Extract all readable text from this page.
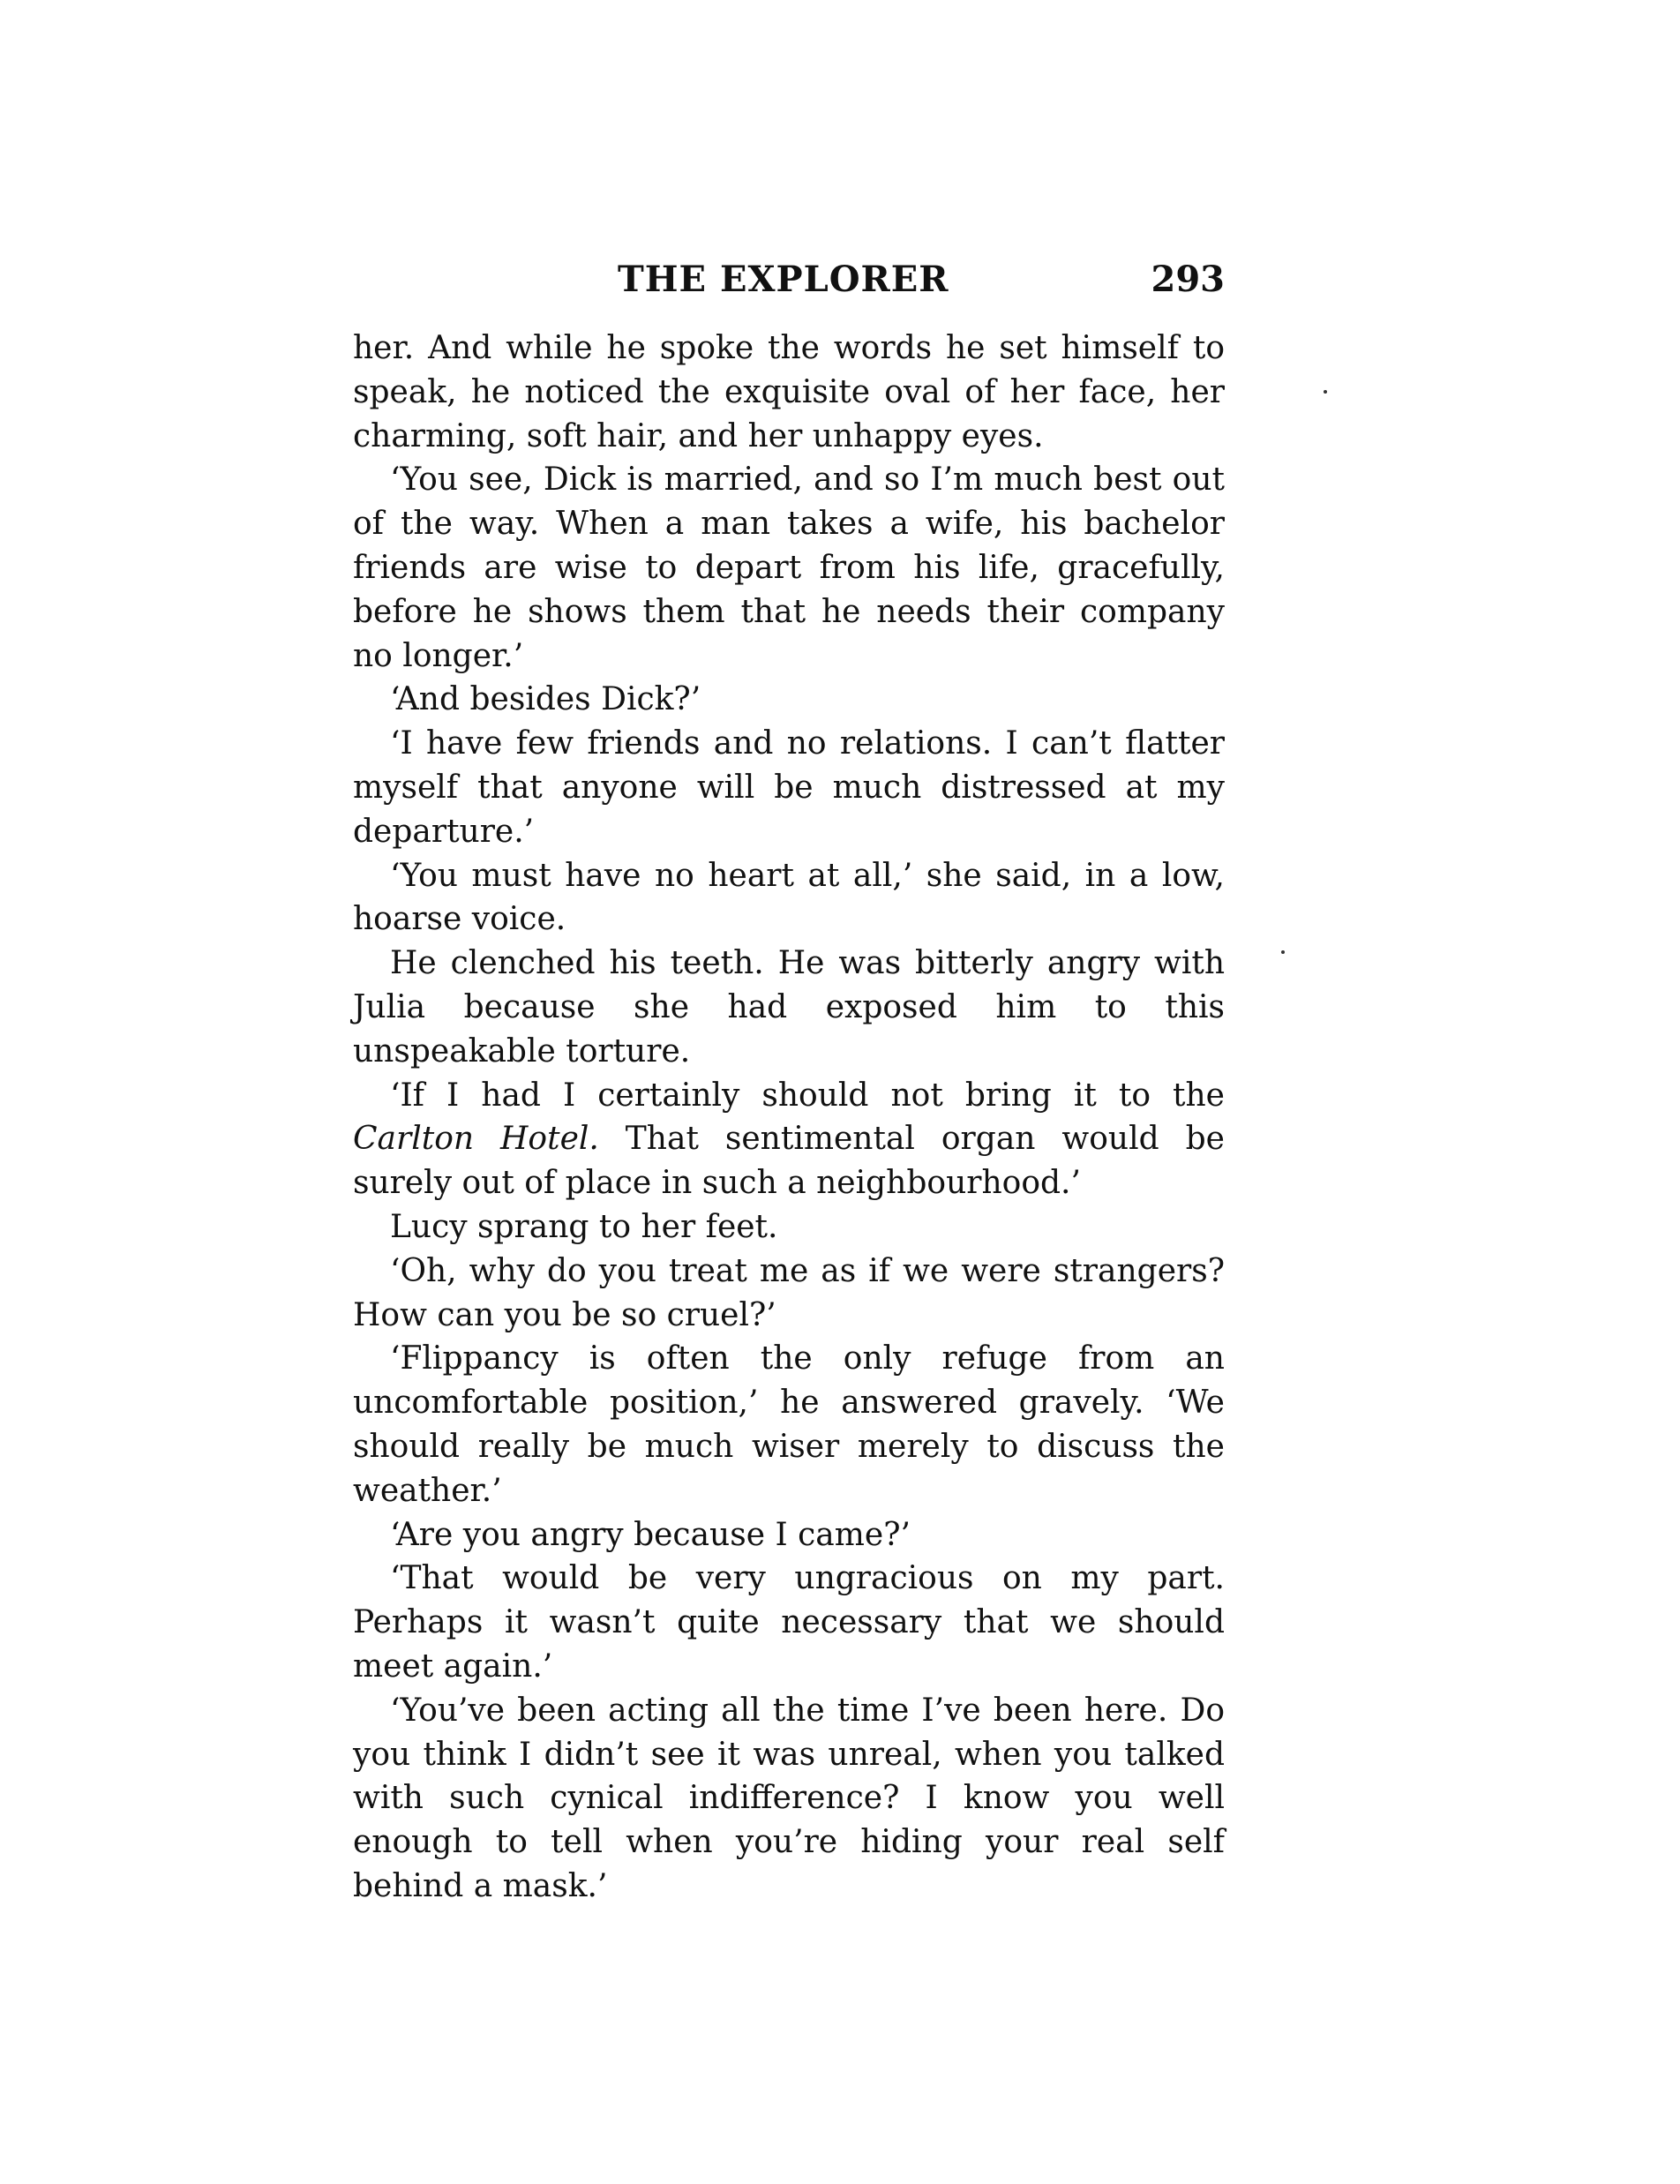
THE EXPLORER	293

her. And while he spoke the words he set himself to speak, he noticed the exquisite oval of her face, her charming, soft hair, and her unhappy eyes.

‘You see, Dick is married, and so I’m much best out of the way. When a man takes a wife, his bachelor friends are wise to depart from his life, gracefully, before he shows them that he needs their company no longer.’

‘And besides Dick?’

‘I have few friends and no relations. I can’t flatter myself that anyone will be much distressed at my departure.’

‘You must have no heart at all,’ she said, in a low, hoarse voice.

He clenched his teeth. He was bitterly angry with Julia because she had exposed him to this unspeakable torture.

‘If I had I certainly should not bring it to the Carlton Hotel. That sentimental organ would be surely out of place in such a neighbourhood.’

Lucy sprang to her feet.

‘Oh, why do you treat me as if we were strangers? How can you be so cruel?’

‘Flippancy is often the only refuge from an uncomfortable position,’ he answered gravely. ‘We should really be much wiser merely to discuss the weather.’

‘Are you angry because I came?’

‘That would be very ungracious on my part. Perhaps it wasn’t quite necessary that we should meet again.’

‘You’ve been acting all the time I’ve been here. Do you think I didn’t see it was unreal, when you talked with such cynical indifference? I know you well enough to tell when you’re hiding your real self behind a mask.’
